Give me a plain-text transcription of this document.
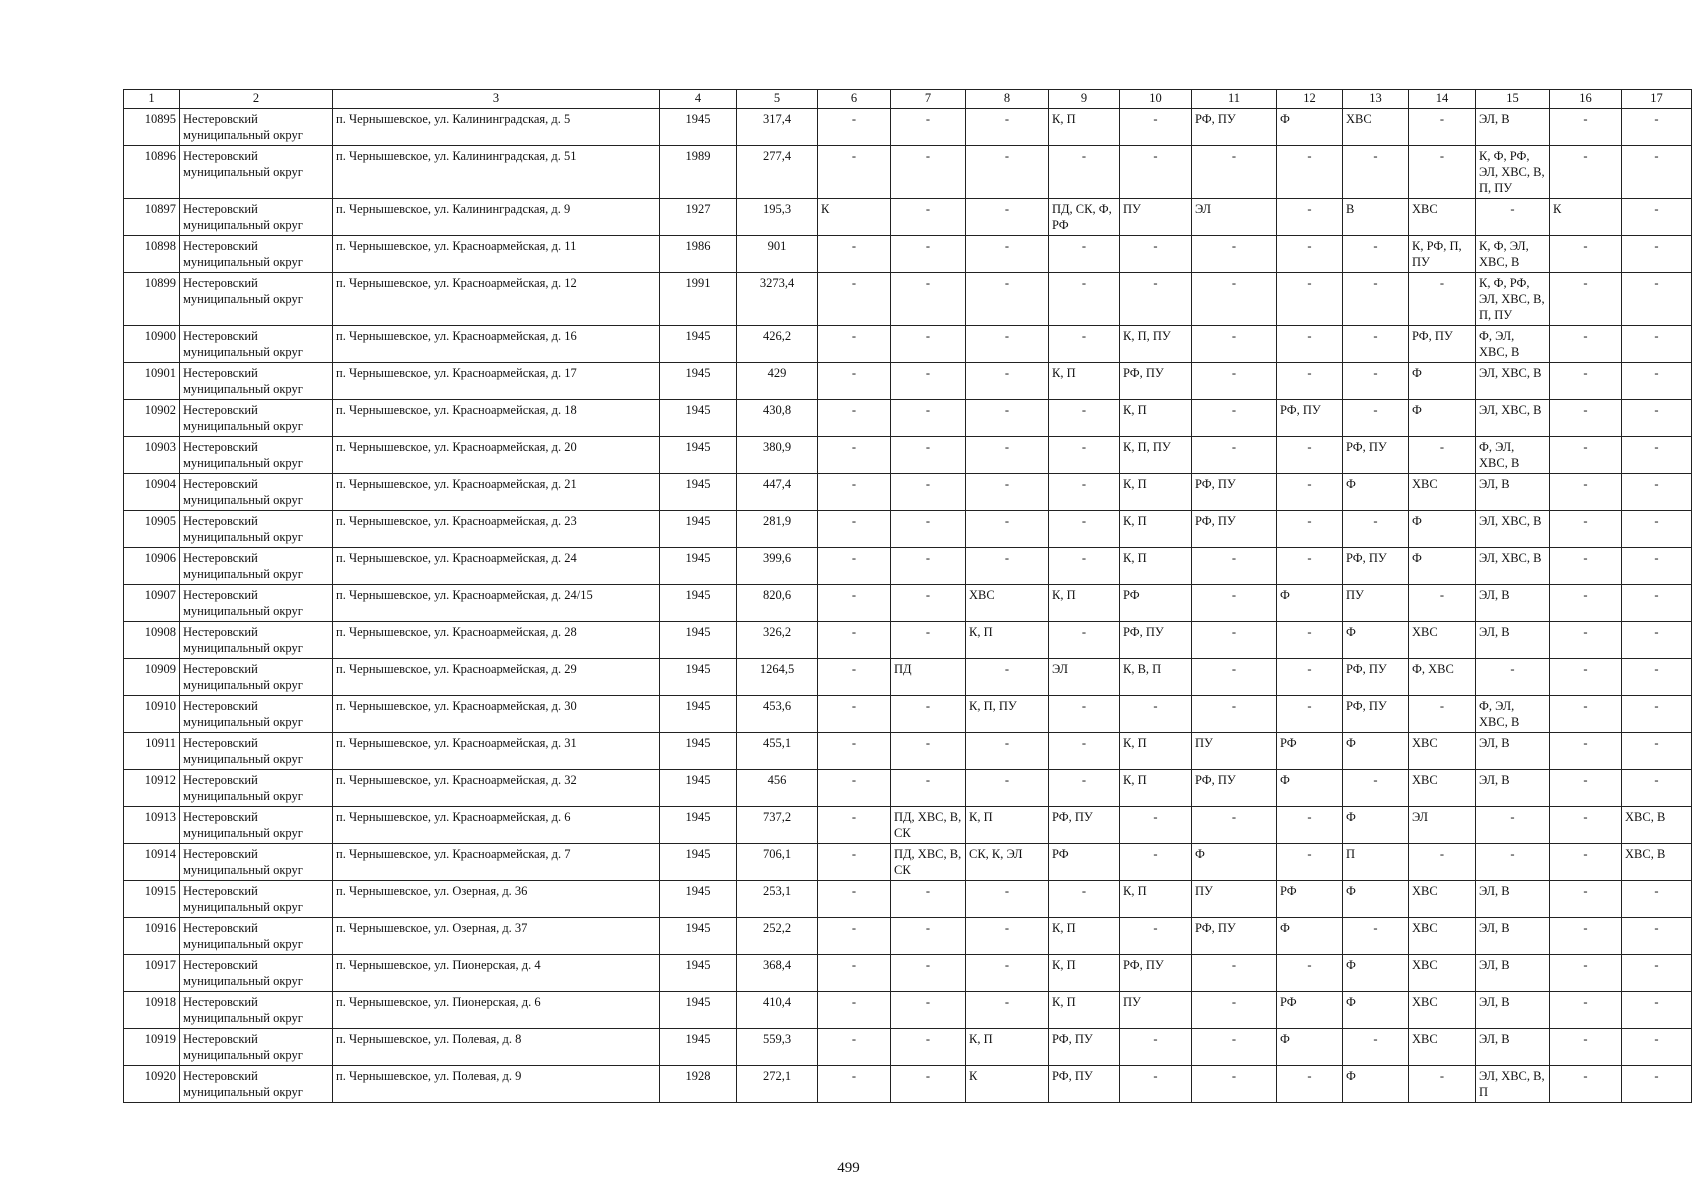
1	2	3	4	5	6	7	8	9	10	11	12	13	14	15	16	17
10895	Нестеровский муниципальный округ	п. Чернышевское, ул. Калининградская, д. 5	1945	317,4	-	-	-	К, П	-	РФ, ПУ	Ф	ХВС	-	ЭЛ, В	-	-
10896	Нестеровский муниципальный округ	п. Чернышевское, ул. Калининградская, д. 51	1989	277,4	-	-	-	-	-	-	-	-	-	К, Ф, РФ, ЭЛ, ХВС, В, П, ПУ	-	-
10897	Нестеровский муниципальный округ	п. Чернышевское, ул. Калининградская, д. 9	1927	195,3	К	-	-	ПД, СК, Ф, РФ	ПУ	ЭЛ	-	В	ХВС	-	К	-
10898	Нестеровский муниципальный округ	п. Чернышевское, ул. Красноармейская, д. 11	1986	901	-	-	-	-	-	-	-	-	К, РФ, П, ПУ	К, Ф, ЭЛ, ХВС, В	-	-
10899	Нестеровский муниципальный округ	п. Чернышевское, ул. Красноармейская, д. 12	1991	3273,4	-	-	-	-	-	-	-	-	-	К, Ф, РФ, ЭЛ, ХВС, В, П, ПУ	-	-
10900	Нестеровский муниципальный округ	п. Чернышевское, ул. Красноармейская, д. 16	1945	426,2	-	-	-	-	К, П, ПУ	-	-	-	РФ, ПУ	Ф, ЭЛ, ХВС, В	-	-
10901	Нестеровский муниципальный округ	п. Чернышевское, ул. Красноармейская, д. 17	1945	429	-	-	-	К, П	РФ, ПУ	-	-	-	Ф	ЭЛ, ХВС, В	-	-
10902	Нестеровский муниципальный округ	п. Чернышевское, ул. Красноармейская, д. 18	1945	430,8	-	-	-	-	К, П	-	РФ, ПУ	-	Ф	ЭЛ, ХВС, В	-	-
10903	Нестеровский муниципальный округ	п. Чернышевское, ул. Красноармейская, д. 20	1945	380,9	-	-	-	-	К, П, ПУ	-	-	РФ, ПУ	-	Ф, ЭЛ, ХВС, В	-	-
10904	Нестеровский муниципальный округ	п. Чернышевское, ул. Красноармейская, д. 21	1945	447,4	-	-	-	-	К, П	РФ, ПУ	-	Ф	ХВС	ЭЛ, В	-	-
10905	Нестеровский муниципальный округ	п. Чернышевское, ул. Красноармейская, д. 23	1945	281,9	-	-	-	-	К, П	РФ, ПУ	-	-	Ф	ЭЛ, ХВС, В	-	-
10906	Нестеровский муниципальный округ	п. Чернышевское, ул. Красноармейская, д. 24	1945	399,6	-	-	-	-	К, П	-	-	РФ, ПУ	Ф	ЭЛ, ХВС, В	-	-
10907	Нестеровский муниципальный округ	п. Чернышевское, ул. Красноармейская, д. 24/15	1945	820,6	-	-	ХВС	К, П	РФ	-	Ф	ПУ	-	ЭЛ, В	-	-
10908	Нестеровский муниципальный округ	п. Чернышевское, ул. Красноармейская, д. 28	1945	326,2	-	-	К, П	-	РФ, ПУ	-	-	Ф	ХВС	ЭЛ, В	-	-
10909	Нестеровский муниципальный округ	п. Чернышевское, ул. Красноармейская, д. 29	1945	1264,5	-	ПД	-	ЭЛ	К, В, П	-	-	РФ, ПУ	Ф, ХВС	-	-	-
10910	Нестеровский муниципальный округ	п. Чернышевское, ул. Красноармейская, д. 30	1945	453,6	-	-	К, П, ПУ	-	-	-	-	РФ, ПУ	-	Ф, ЭЛ, ХВС, В	-	-
10911	Нестеровский муниципальный округ	п. Чернышевское, ул. Красноармейская, д. 31	1945	455,1	-	-	-	-	К, П	ПУ	РФ	Ф	ХВС	ЭЛ, В	-	-
10912	Нестеровский муниципальный округ	п. Чернышевское, ул. Красноармейская, д. 32	1945	456	-	-	-	-	К, П	РФ, ПУ	Ф	-	ХВС	ЭЛ, В	-	-
10913	Нестеровский муниципальный округ	п. Чернышевское, ул. Красноармейская, д. 6	1945	737,2	-	ПД, ХВС, В, СК	К, П	РФ, ПУ	-	-	-	Ф	ЭЛ	-	-	ХВС, В
10914	Нестеровский муниципальный округ	п. Чернышевское, ул. Красноармейская, д. 7	1945	706,1	-	ПД, ХВС, В, СК	СК, К, ЭЛ	РФ	-	Ф	-	П	-	-	-	ХВС, В
10915	Нестеровский муниципальный округ	п. Чернышевское, ул. Озерная, д. 36	1945	253,1	-	-	-	-	К, П	ПУ	РФ	Ф	ХВС	ЭЛ, В	-	-
10916	Нестеровский муниципальный округ	п. Чернышевское, ул. Озерная, д. 37	1945	252,2	-	-	-	К, П	-	РФ, ПУ	Ф	-	ХВС	ЭЛ, В	-	-
10917	Нестеровский муниципальный округ	п. Чернышевское, ул. Пионерская, д. 4	1945	368,4	-	-	-	К, П	РФ, ПУ	-	-	Ф	ХВС	ЭЛ, В	-	-
10918	Нестеровский муниципальный округ	п. Чернышевское, ул. Пионерская, д. 6	1945	410,4	-	-	-	К, П	ПУ	-	РФ	Ф	ХВС	ЭЛ, В	-	-
10919	Нестеровский муниципальный округ	п. Чернышевское, ул. Полевая, д. 8	1945	559,3	-	-	К, П	РФ, ПУ	-	-	Ф	-	ХВС	ЭЛ, В	-	-
10920	Нестеровский муниципальный округ	п. Чернышевское, ул. Полевая, д. 9	1928	272,1	-	-	К	РФ, ПУ	-	-	-	Ф	-	ЭЛ, ХВС, В, П	-	-
499
